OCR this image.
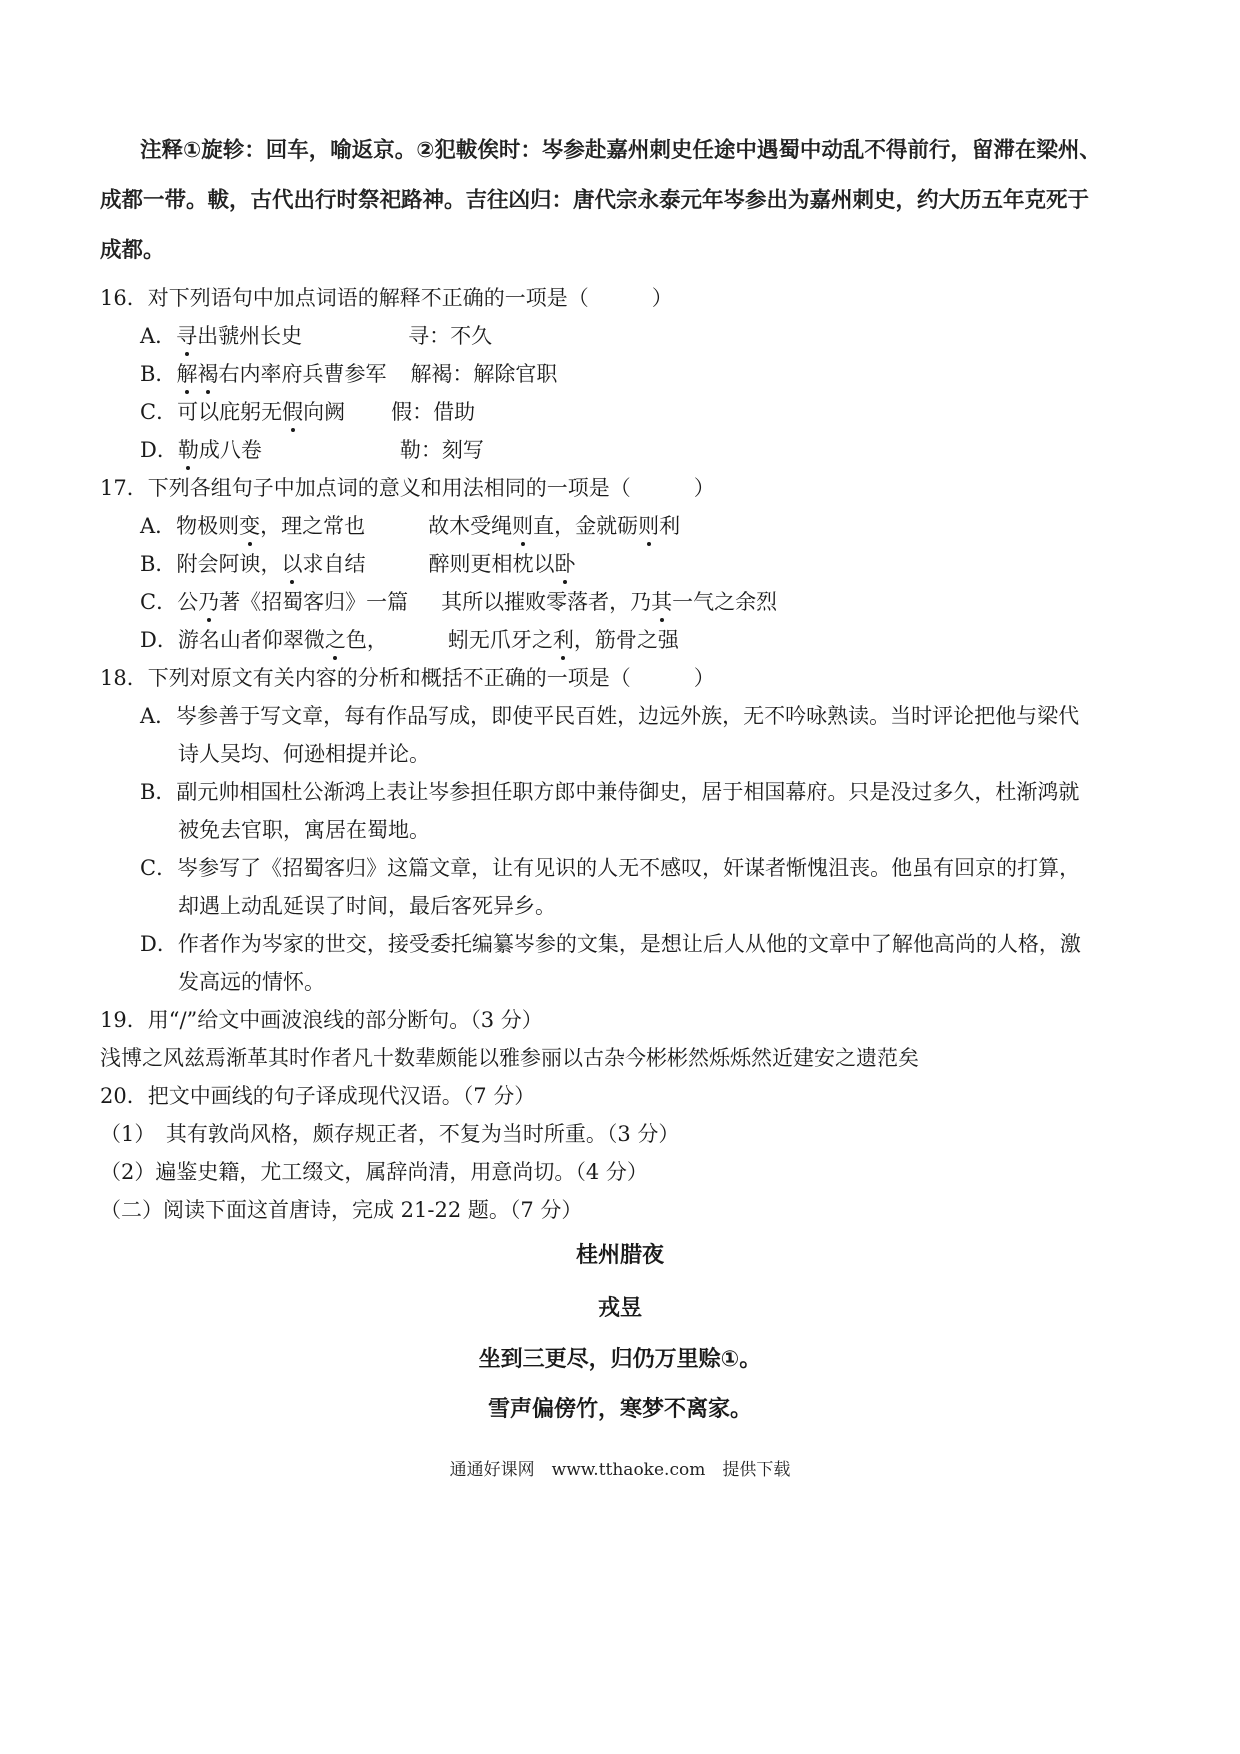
注释①旋轸：回车，喻返京。②犯軷俟时：岑参赴嘉州刺史任途中遇蜀中动乱不得前行，留滞在梁州、
成都一带。軷，古代出行时祭祀路神。吉往凶归：唐代宗永泰元年岑参出为嘉州刺史，约大历五年克死于
成都。
16．对下列语句中加点词语的解释不正确的一项是（　　　）
A．寻出虢州长史	寻：不久
B．解褐右内率府兵曹参军 解褐：解除官职
C．可以庇躬无假向阙 假：借助
D．勒成八卷	勒：刻写
17．下列各组句子中加点词的意义和用法相同的一项是（　　　）
A．物极则变，理之常也	故木受绳则直，金就砺则利
B．附会阿谀，以求自结	醉则更相枕以卧
C．公乃著《招蜀客归》一篇 其所以摧败零落者，乃其一气之余烈
D．游名山者仰翠微之色，	蚓无爪牙之利，筋骨之强
18．下列对原文有关内容的分析和概括不正确的一项是（　　　）
A．岑参善于写文章，每有作品写成，即使平民百姓，边远外族，无不吟咏熟读。当时评论把他与梁代
诗人吴均、何逊相提并论。
B．副元帅相国杜公渐鸿上表让岑参担任职方郎中兼侍御史，居于相国幕府。只是没过多久，杜渐鸿就
被免去官职，寓居在蜀地。
C．岑参写了《招蜀客归》这篇文章，让有见识的人无不感叹，奸谋者惭愧沮丧。他虽有回京的打算，
却遇上动乱延误了时间，最后客死异乡。
D．作者作为岑家的世交，接受委托编纂岑参的文集，是想让后人从他的文章中了解他高尚的人格，激
发高远的情怀。
19．用“/”给文中画波浪线的部分断句。（3 分）
浅博之风兹焉渐革其时作者凡十数辈颇能以雅参丽以古杂今彬彬然烁烁然近建安之遗范矣
20．把文中画线的句子译成现代汉语。（7 分）
（1）　其有敦尚风格，颇存规正者，不复为当时所重。（3 分）
（2）遍鉴史籍，尤工缀文，属辞尚清，用意尚切。（4 分）
（二）阅读下面这首唐诗，完成 21-22 题。（7 分）
桂州腊夜
戎昱
坐到三更尽，归仍万里赊①。
雪声偏傍竹，寒梦不离家。
通通好课网　www.tthaoke.com　提供下载
